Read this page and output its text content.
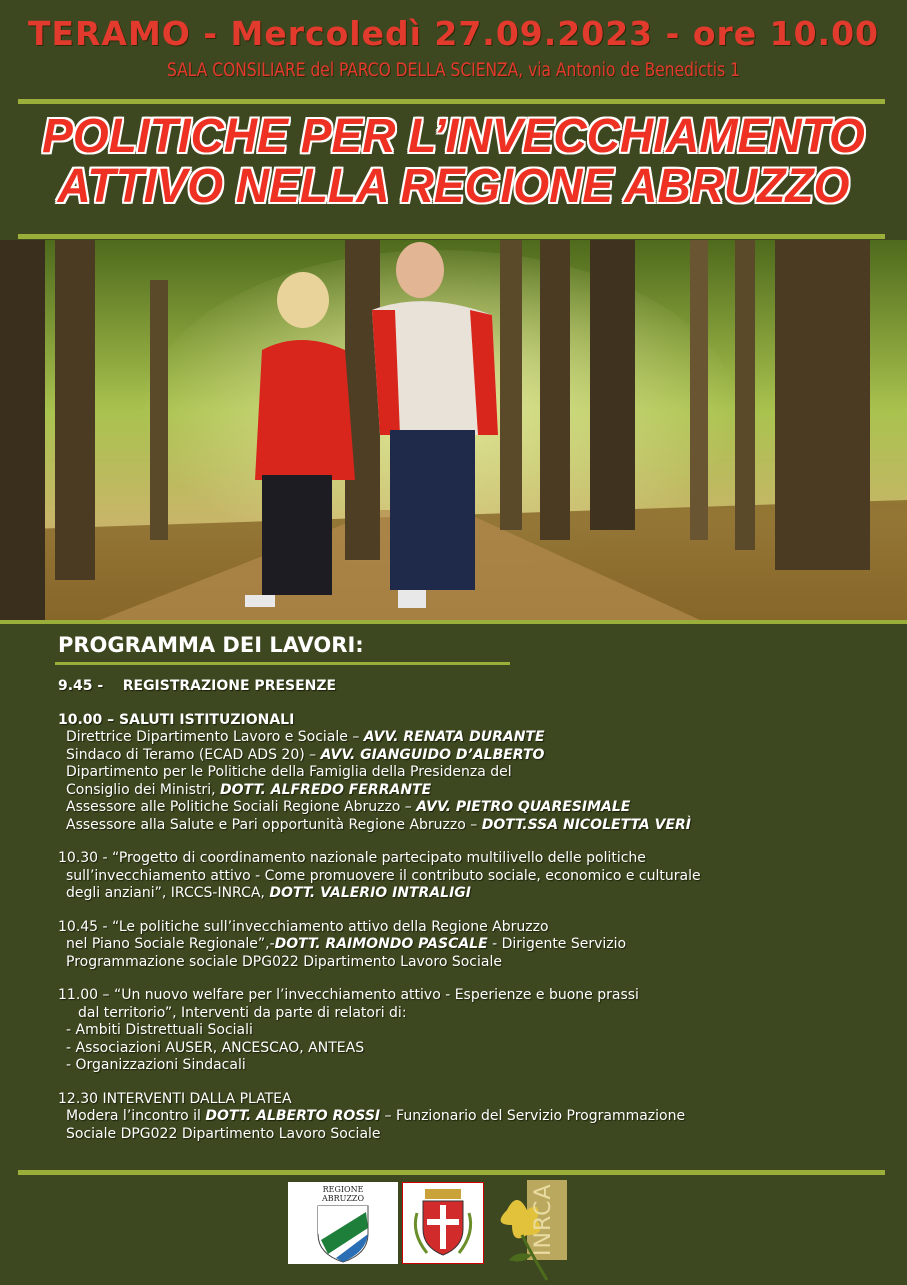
TERAMO - Mercoledì 27.09.2023 - ore 10.00
SALA CONSILIARE del PARCO DELLA SCIENZA, via Antonio de Benedictis 1
POLITICHE PER L’INVECCHIAMENTO
ATTIVO NELLA REGIONE ABRUZZO
PROGRAMMA DEI LAVORI:
9.45 -    REGISTRAZIONE PRESENZE
10.00 – SALUTI ISTITUZIONALI
Direttrice Dipartimento Lavoro e Sociale – AVV. RENATA DURANTE
Sindaco di Teramo (ECAD ADS 20) – AVV. GIANGUIDO D’ALBERTO
Dipartimento per le Politiche della Famiglia della Presidenza del
Consiglio dei Ministri, DOTT. ALFREDO FERRANTE
Assessore alle Politiche Sociali Regione Abruzzo – AVV. PIETRO QUARESIMALE
Assessore alla Salute e Pari opportunità Regione Abruzzo – DOTT.SSA NICOLETTA VERÌ
10.30 - “Progetto di coordinamento nazionale partecipato multilivello delle politiche
sull’invecchiamento attivo - Come promuovere il contributo sociale, economico e culturale
degli anziani”, IRCCS-INRCA, DOTT. VALERIO INTRALIGI
10.45 - “Le politiche sull’invecchiamento attivo della Regione Abruzzo
nel Piano Sociale Regionale”,-DOTT. RAIMONDO PASCALE - Dirigente Servizio
Programmazione sociale DPG022 Dipartimento Lavoro Sociale
11.00 – “Un nuovo welfare per l’invecchiamento attivo - Esperienze e buone prassi
dal territorio”, Interventi da parte di relatori di:
- Ambiti Distrettuali Sociali
- Associazioni AUSER, ANCESCAO, ANTEAS
- Organizzazioni Sindacali
12.30 INTERVENTI DALLA PLATEA
Modera l’incontro il DOTT. ALBERTO ROSSI – Funzionario del Servizio Programmazione
Sociale DPG022 Dipartimento Lavoro Sociale
REGIONE ABRUZZO	INRCA
